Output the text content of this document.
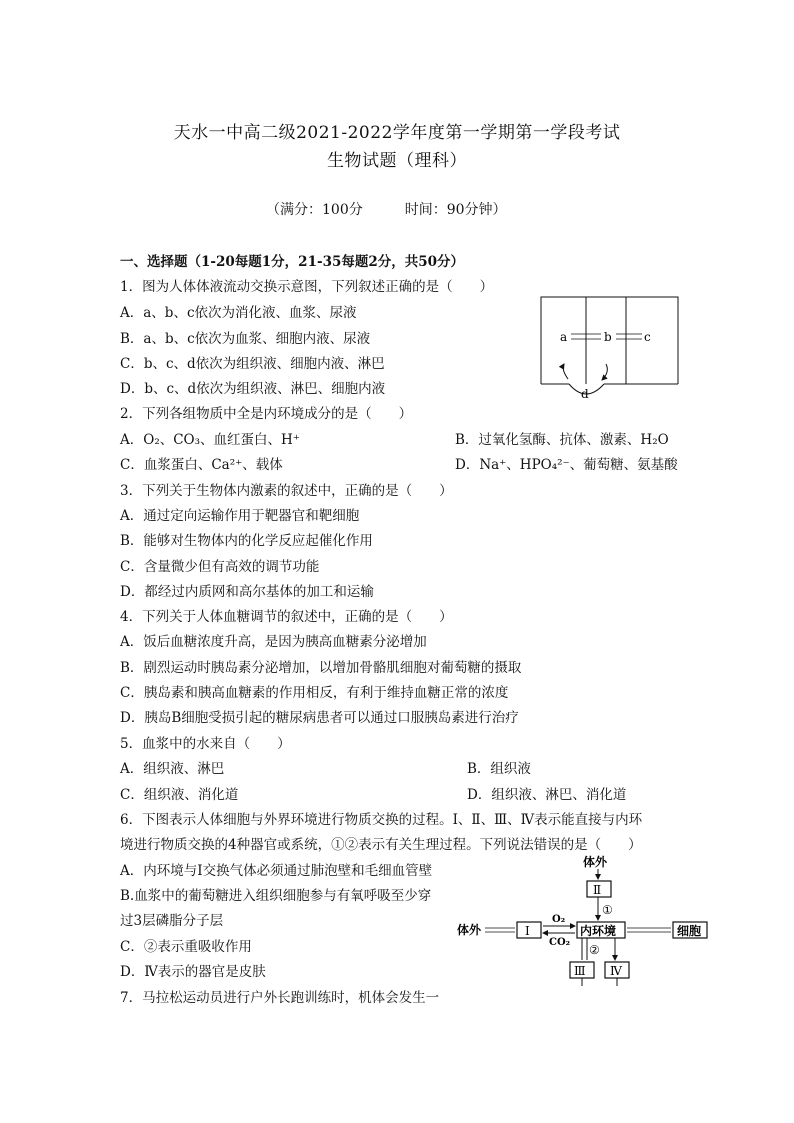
天水一中高二级2021-2022学年度第一学期第一学段考试
生物试题（理科）
（满分：100分　　　时间：90分钟）
一、选择题（1-20每题1分，21-35每题2分，共50分）
1．图为人体体液流动交换示意图，下列叙述正确的是（　　）
A．a、b、c依次为消化液、血浆、尿液
B．a、b、c依次为血浆、细胞内液、尿液
C．b、c、d依次为组织液、细胞内液、淋巴
D．b、c、d依次为组织液、淋巴、细胞内液
a	b	c
d
2．下列各组物质中全是内环境成分的是（　　）
A．O₂、CO₃、血红蛋白、H⁺	B．过氧化氢酶、抗体、激素、H₂O
C．血浆蛋白、Ca²⁺、载体	D．Na⁺、HPO₄²⁻、葡萄糖、氨基酸
3．下列关于生物体内激素的叙述中，正确的是（　　）
A．通过定向运输作用于靶器官和靶细胞
B．能够对生物体内的化学反应起催化作用
C．含量微少但有高效的调节功能
D．都经过内质网和高尔基体的加工和运输
4．下列关于人体血糖调节的叙述中，正确的是（　　）
A．饭后血糖浓度升高，是因为胰高血糖素分泌增加
B．剧烈运动时胰岛素分泌增加，以增加骨骼肌细胞对葡萄糖的摄取
C．胰岛素和胰高血糖素的作用相反，有利于维持血糖正常的浓度
D．胰岛B细胞受损引起的糖尿病患者可以通过口服胰岛素进行治疗
5．血浆中的水来自（　　）
A．组织液、淋巴	B．组织液
C．组织液、消化道	D．组织液、淋巴、消化道
6．下图表示人体细胞与外界环境进行物质交换的过程。Ⅰ、Ⅱ、Ⅲ、Ⅳ表示能直接与内环
境进行物质交换的4种器官或系统，①②表示有关生理过程。下列说法错误的是（　　）
A．内环境与Ⅰ交换气体必须通过肺泡壁和毛细血管壁
B.血浆中的葡萄糖进入组织细胞参与有氧呼吸至少穿
过3层磷脂分子层
C．②表示重吸收作用
D．Ⅳ表示的器官是皮肤
体外
Ⅱ
①
体外	Ⅰ
O₂
CO₂
内环境	细胞
②
Ⅲ Ⅳ
7．马拉松运动员进行户外长跑训练时，机体会发生一
